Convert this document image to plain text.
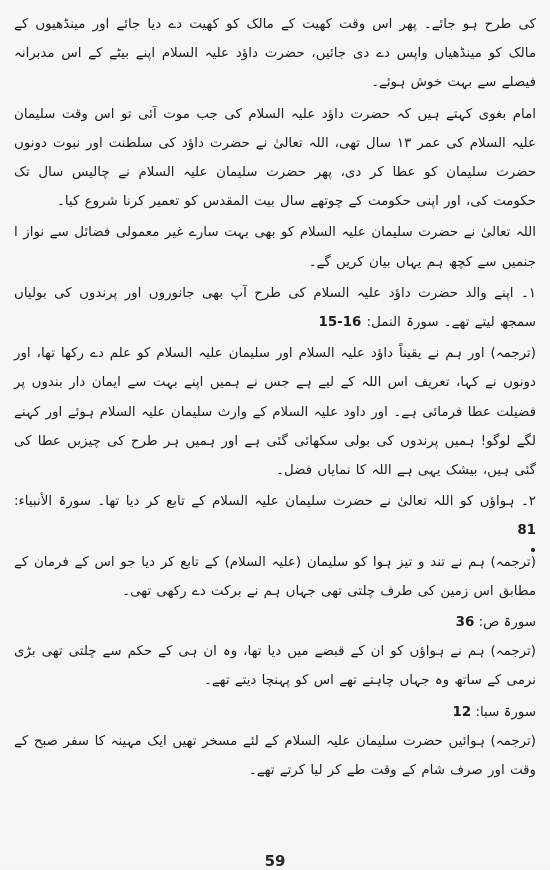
کی طرح ہو جائے۔ پھر اس وقت کھیت کے مالک کو کھیت دے دیا جائے اور مینڈھیوں کے مالک کو مینڈھیاں واپس دے دی جائیں، حضرت داؤد علیہ السلام اپنے بیٹے کے اس مدبرانہ فیصلے سے بہت خوش ہوئے۔

امام بغوی کہتے ہیں کہ حضرت داؤد علیہ السلام کی جب موت آئی تو اس وقت سلیمان علیہ السلام کی عمر ۱۳ سال تھی، اللہ تعالیٰ نے حضرت داؤد کی سلطنت اور نبوت دونوں حضرت سلیمان کو عطا کر دی، پھر حضرت سلیمان علیہ السلام نے چالیس سال تک حکومت کی، اور اپنی حکومت کے چوتھے سال بیت المقدس کو تعمیر کرنا شروع کیا۔

اللہ تعالیٰ نے حضرت سلیمان علیہ السلام کو بھی بہت سارے غیر معمولی فضائل سے نواز ا جنمیں سے کچھ ہم یہاں بیان کریں گے۔

۱۔ اپنے والد حضرت داؤد علیہ السلام کی طرح آپ بھی جانوروں اور پرندوں کی بولیاں سمجھ لیتے تھے۔ سورۃ النمل: 15-16

(ترجمہ) اور ہم نے یقیناً داؤد علیہ السلام اور سلیمان علیہ السلام کو علم دے رکھا تھا، اور دونوں نے کہا، تعریف اس اللہ کے لیے ہے جس نے ہمیں اپنے بہت سے ایمان دار بندوں پر فضیلت عطا فرمائی ہے۔ اور داود علیہ السلام کے وارث سلیمان علیہ السلام ہوئے اور کہنے لگے لوگو! ہمیں پرندوں کی بولی سکھائی گئی ہے اور ہمیں ہر طرح کی چیزیں عطا کی گئی ہیں، بیشک یہی ہے اللہ کا نمایاں فضل۔

۲۔ ہواؤں کو اللہ تعالیٰ نے حضرت سلیمان علیہ السلام کے تابع کر دیا تھا۔ سورۃ الأنبیاء: 81

(ترجمہ) ہم نے تند و تیز ہوا کو سلیمان (علیہ السلام) کے تابع کر دیا جو اس کے فرمان کے مطابق اس زمین کی طرف چلتی تھی جہاں ہم نے برکت دے رکھی تھی۔

سورۃ ص: 36

(ترجمہ) ہم نے ہواؤں کو ان کے قبضے میں دیا تھا، وہ ان ہی کے حکم سے چلتی تھی بڑی نرمی کے ساتھ وہ جہاں چاہتے تھے اس کو پہنچا دیتے تھے۔

سورۃ سبا: 12

(ترجمہ) ہوائیں حضرت سلیمان علیہ السلام کے لئے مسخر تھیں ایک مہینہ کا سفر صبح کے وقت اور صرف شام کے وقت طے کر لیا کرتے تھے۔

59
